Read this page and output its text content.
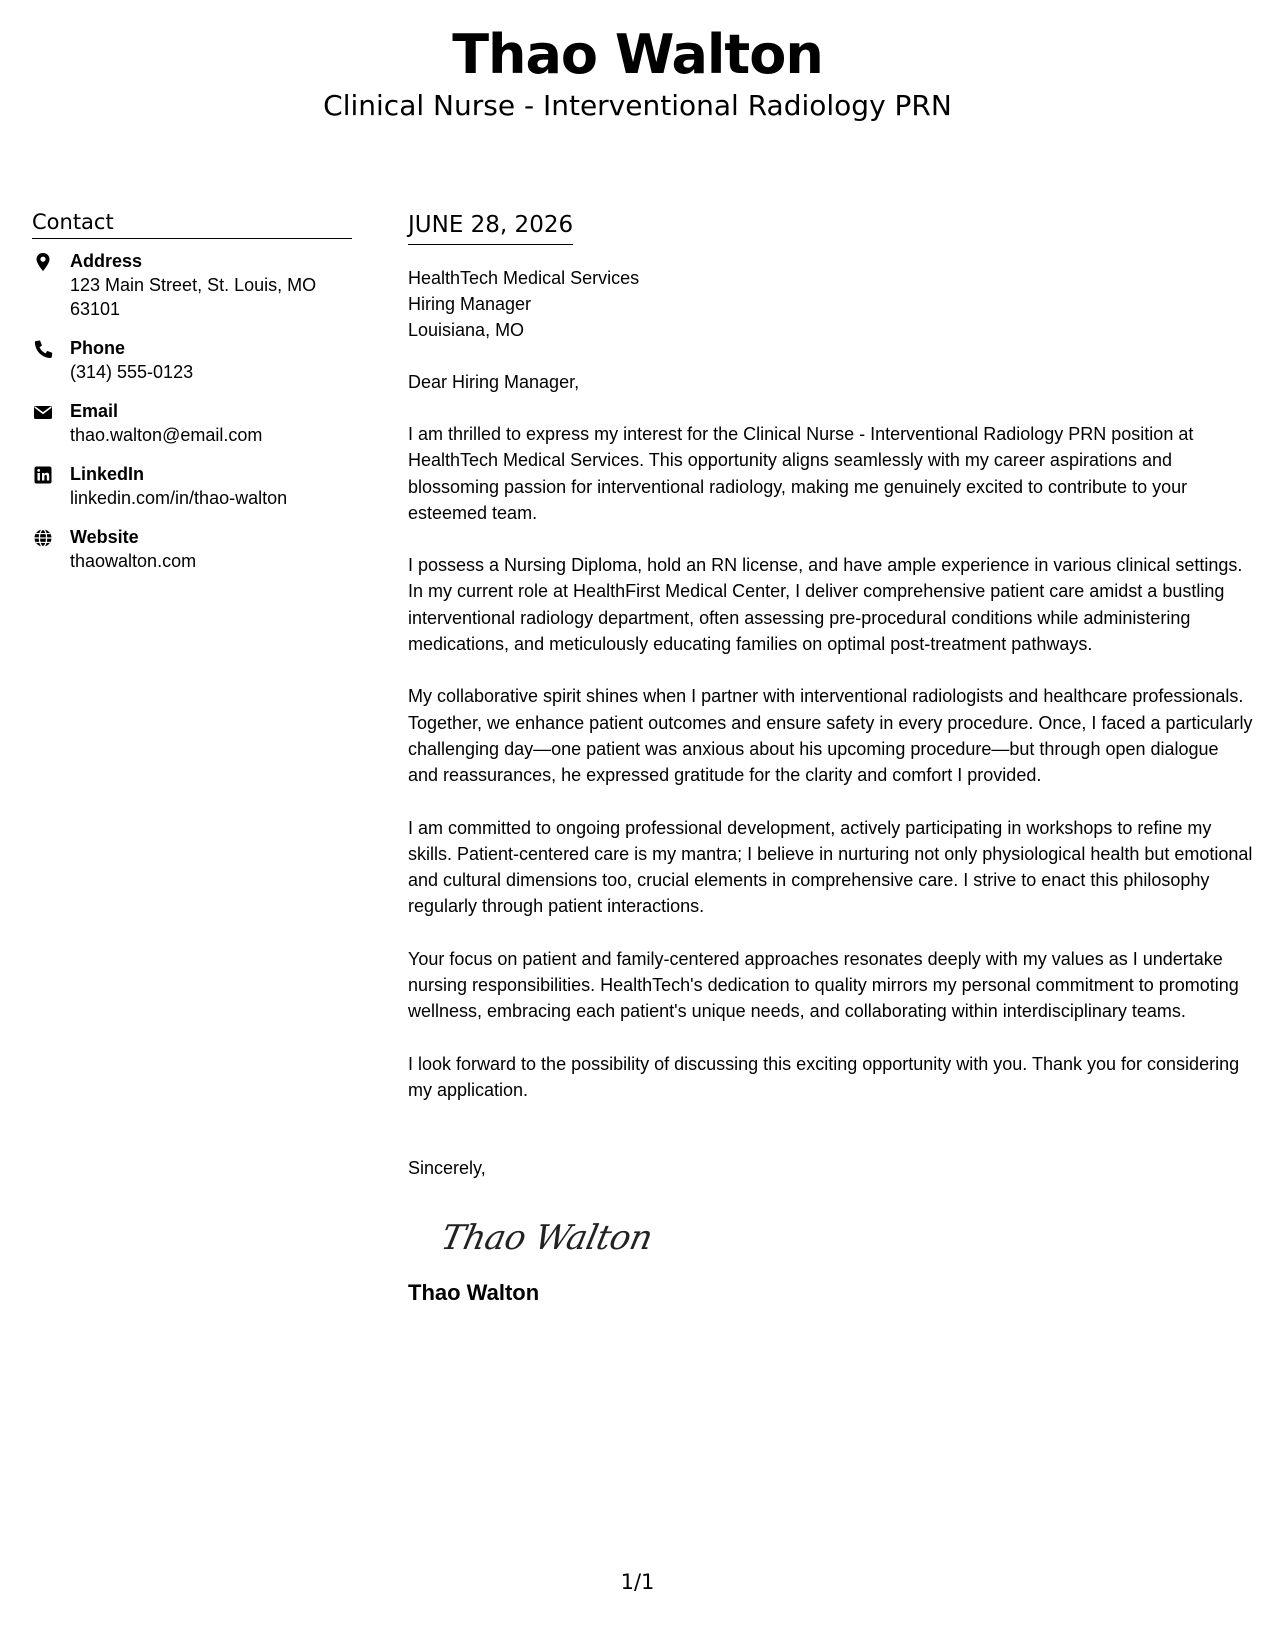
Thao Walton
Clinical Nurse - Interventional Radiology PRN
Contact
Address
123 Main Street, St. Louis, MO 63101
Phone
(314) 555-0123
Email
thao.walton@email.com
LinkedIn
linkedin.com/in/thao-walton
Website
thaowalton.com
JUNE 28, 2026
HealthTech Medical Services
Hiring Manager
Louisiana, MO
Dear Hiring Manager,
I am thrilled to express my interest for the Clinical Nurse - Interventional Radiology PRN position at HealthTech Medical Services. This opportunity aligns seamlessly with my career aspirations and blossoming passion for interventional radiology, making me genuinely excited to contribute to your esteemed team.
I possess a Nursing Diploma, hold an RN license, and have ample experience in various clinical settings. In my current role at HealthFirst Medical Center, I deliver comprehensive patient care amidst a bustling interventional radiology department, often assessing pre-procedural conditions while administering medications, and meticulously educating families on optimal post-treatment pathways.
My collaborative spirit shines when I partner with interventional radiologists and healthcare professionals. Together, we enhance patient outcomes and ensure safety in every procedure. Once, I faced a particularly challenging day—one patient was anxious about his upcoming procedure—but through open dialogue and reassurances, he expressed gratitude for the clarity and comfort I provided.
I am committed to ongoing professional development, actively participating in workshops to refine my skills. Patient-centered care is my mantra; I believe in nurturing not only physiological health but emotional and cultural dimensions too, crucial elements in comprehensive care. I strive to enact this philosophy regularly through patient interactions.
Your focus on patient and family-centered approaches resonates deeply with my values as I undertake nursing responsibilities. HealthTech's dedication to quality mirrors my personal commitment to promoting wellness, embracing each patient's unique needs, and collaborating within interdisciplinary teams.
I look forward to the possibility of discussing this exciting opportunity with you. Thank you for considering my application.
Sincerely,
Thao Walton
Thao Walton
1/1
